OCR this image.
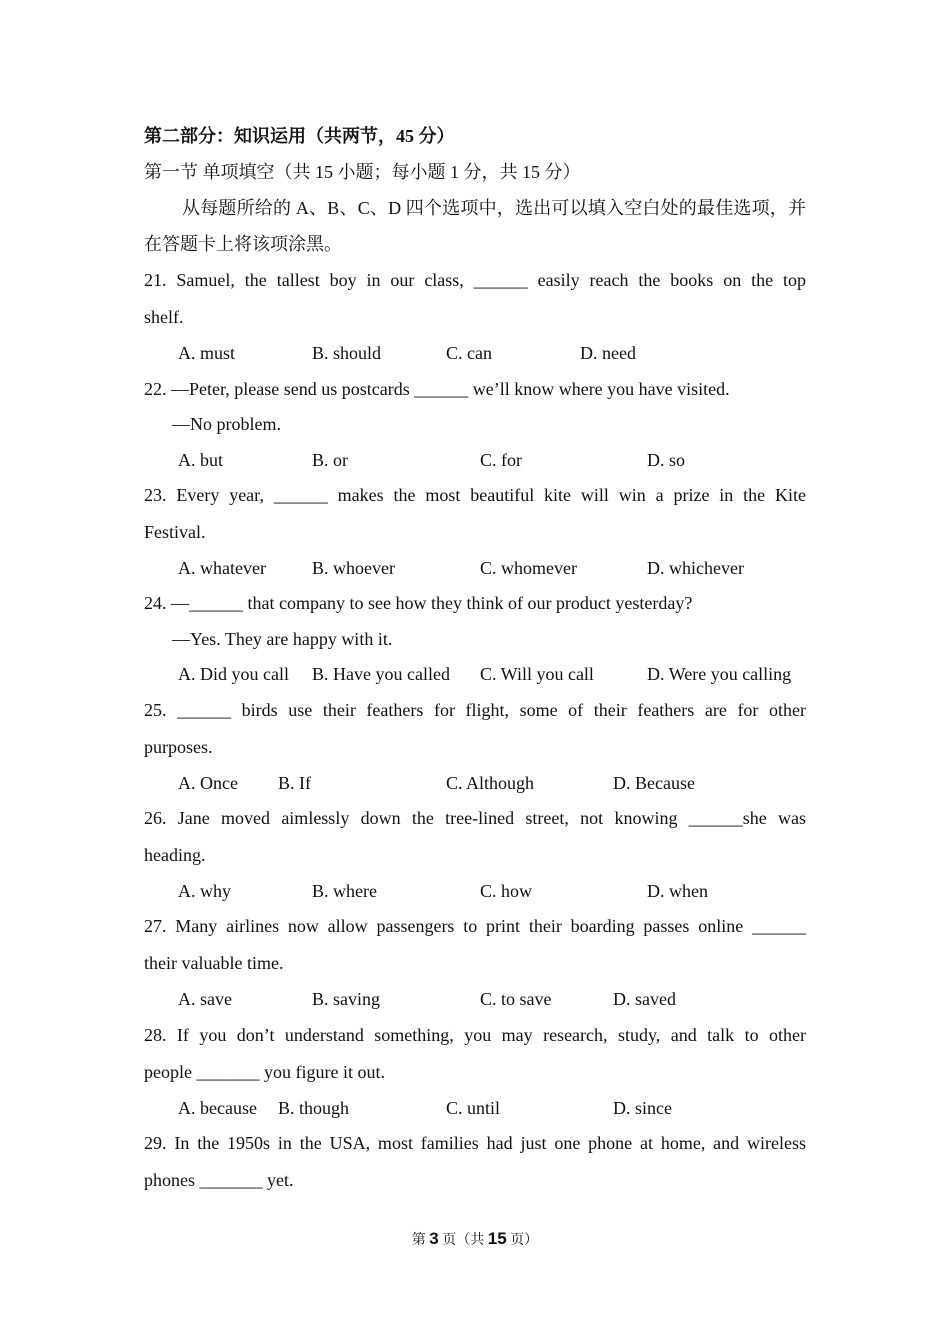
第二部分：知识运用（共两节，45 分）
第一节 单项填空（共 15 小题；每小题 1 分，共 15 分）
从每题所给的 A、B、C、D 四个选项中，选出可以填入空白处的最佳选项，并
在答题卡上将该项涂黑。
21. Samuel, the tallest boy in our class, ______ easily reach the books on the top
shelf.
A. must	B. should	C. can	D. need
22. —Peter, please send us postcards ______ we’ll know where you have visited.
—No problem.
A. but	B. or	C. for	D. so
23. Every year, ______ makes the most beautiful kite will win a prize in the Kite
Festival.
A. whatever	B. whoever	C. whomever	D. whichever
24. —______ that company to see how they think of our product yesterday?
—Yes. They are happy with it.
A. Did you call B. Have you called C. Will you call	D. Were you calling
25. ______ birds use their feathers for flight, some of their feathers are for other
purposes.
A. Once B. If	C. Although	D. Because
26. Jane moved aimlessly down the tree-lined street, not knowing ______she was
heading.
A. why	B. where	C. how	D. when
27. Many airlines now allow passengers to print their boarding passes online ______
their valuable time.
A. save	B. saving	C. to save	D. saved
28. If you don’t understand something, you may research, study, and talk to other
people _______ you figure it out.
A. because B. though	C. until	D. since
29. In the 1950s in the USA, most families had just one phone at home, and wireless
phones _______ yet.
第 3 页（共 15 页）
